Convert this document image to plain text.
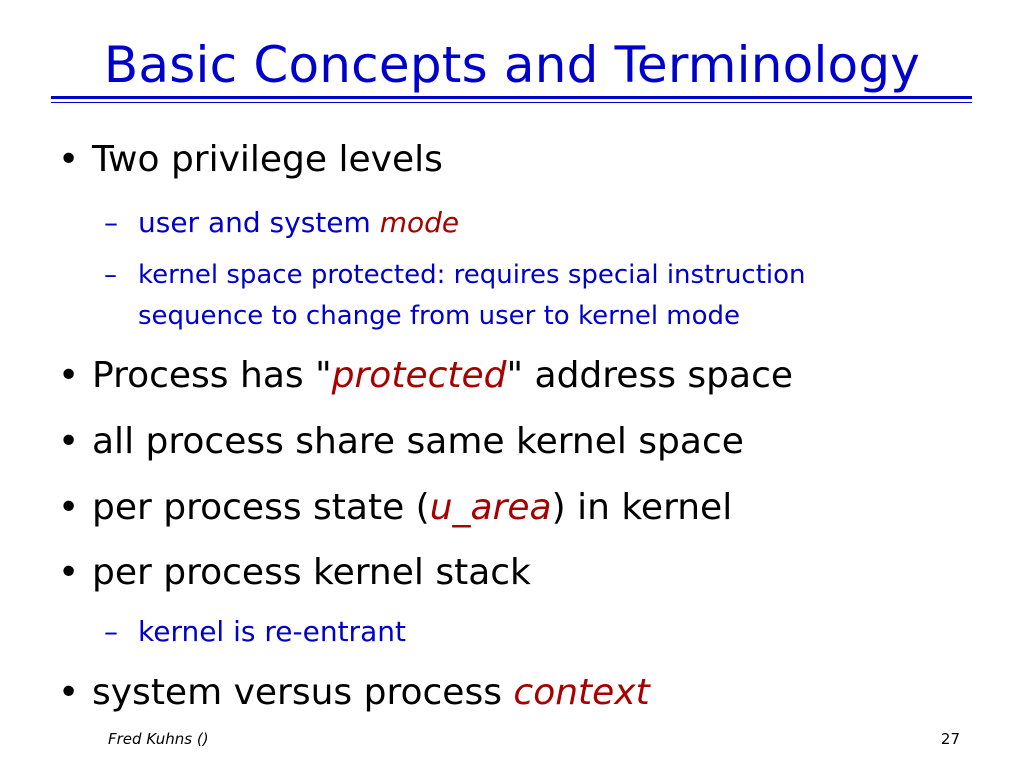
Basic Concepts and Terminology
• Two privilege levels
– user and system mode
– kernel space protected: requires special instruction
sequence to change from user to kernel mode
• Process has "protected" address space
• all process share same kernel space
• per process state (u_area) in kernel
• per process kernel stack
– kernel is re-entrant
• system versus process context
Fred Kuhns ()	27
